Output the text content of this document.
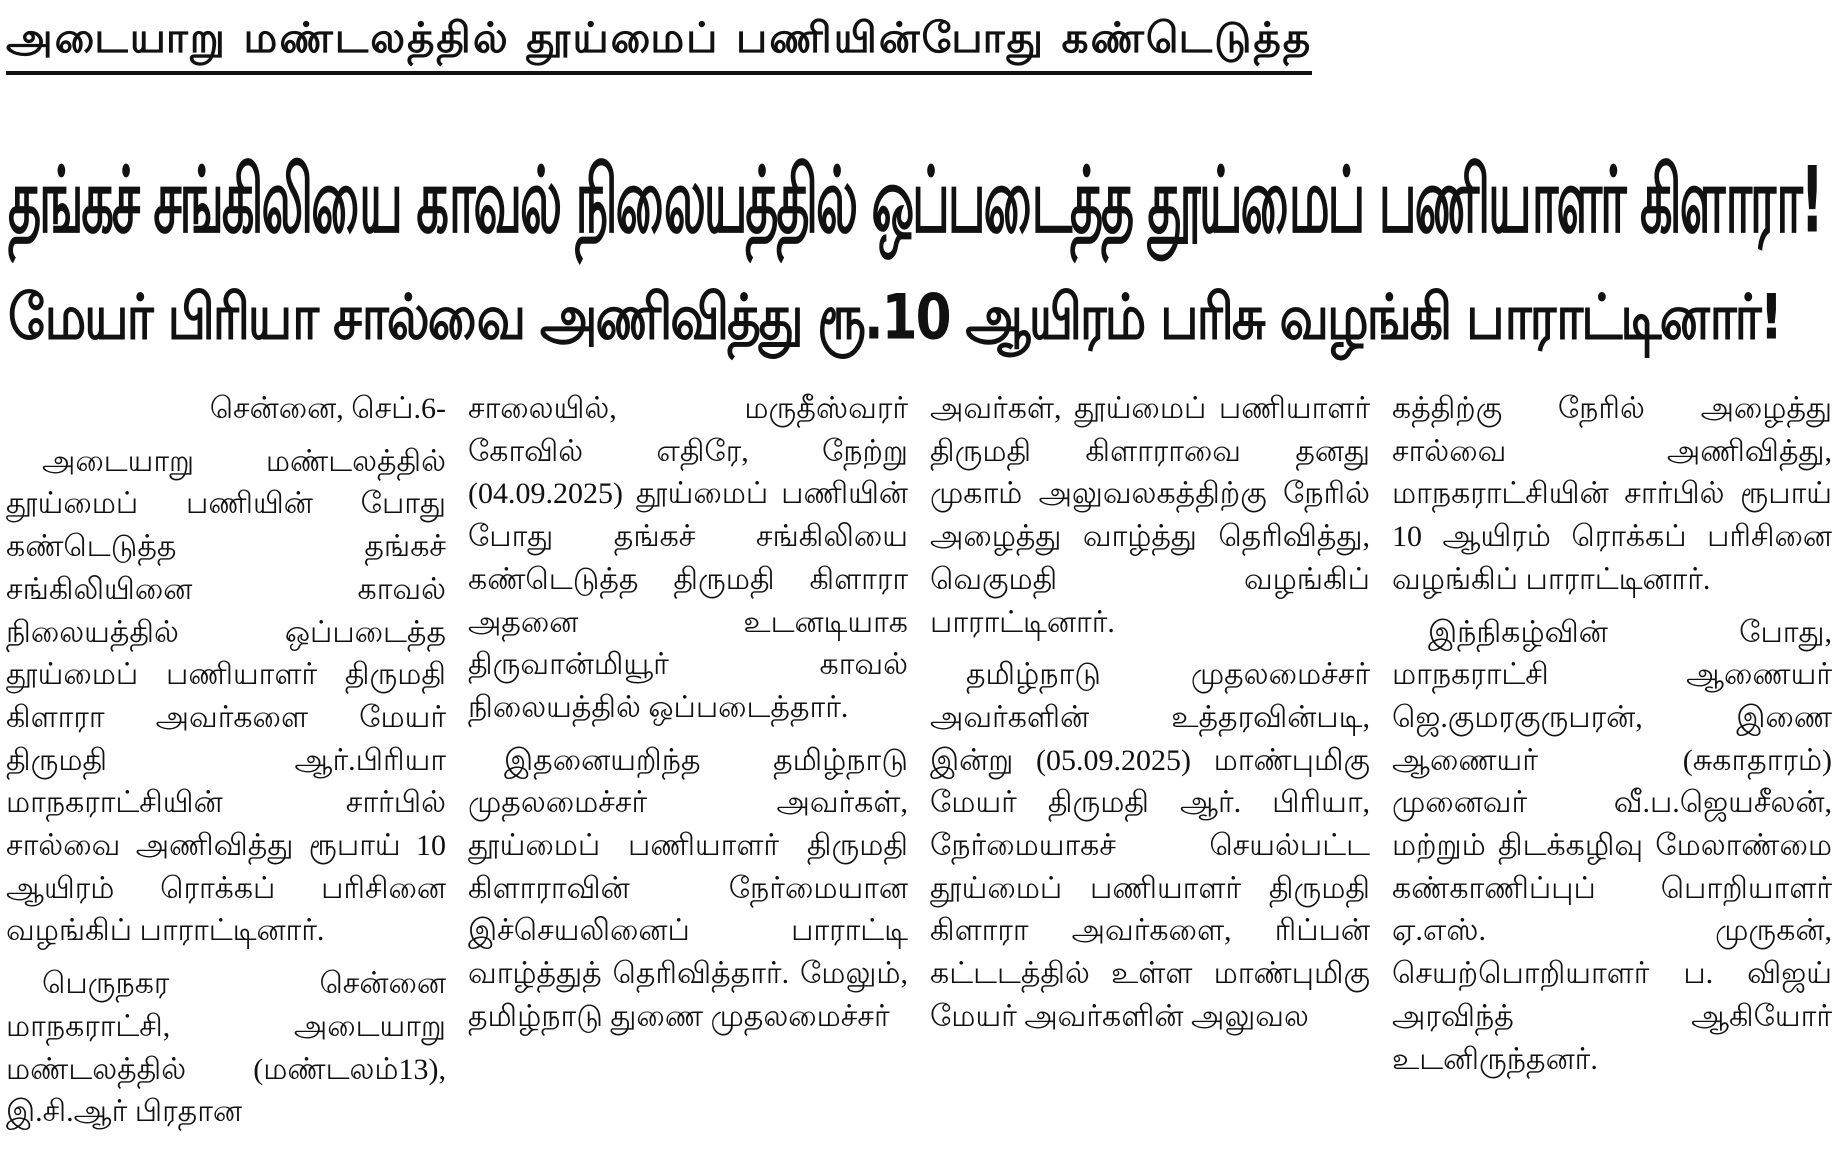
அடையாறு மண்டலத்தில் தூய்மைப் பணியின்போது கண்டெடுத்த
தங்கச் சங்கிலியை காவல் நிலையத்தில் ஒப்படைத்த தூய்மைப் பணியாளர் கிளாரா!
மேயர் பிரியா சால்வை அணிவித்து ரூ.10 ஆயிரம் பரிசு வழங்கி பாராட்டினார்!

சென்னை, செப்.6-

அடையாறு மண்டலத்தில் தூய்மைப் பணியின் போது கண்டெடுத்த தங்கச் சங்கிலியினை காவல் நிலையத்தில் ஒப்படைத்த தூய்மைப் பணியாளர் திருமதி கிளாரா அவர்களை மேயர் திருமதி ஆர்.பிரியா மாநகராட்சியின் சார்பில் சால்வை அணிவித்து ரூபாய் 10 ஆயிரம் ரொக்கப் பரிசினை வழங்கிப் பாராட்டினார்.

பெருநகர சென்னை மாநகராட்சி, அடையாறு மண்டலத்தில் (மண்டலம்13), இ.சி.ஆர் பிரதான

சாலையில், மருதீஸ்வரர் கோவில் எதிரே, நேற்று (04.09.2025) தூய்மைப் பணியின் போது தங்கச் சங்கிலியை கண்டெடுத்த திருமதி கிளாரா அதனை உடனடியாக திருவான்மியூர் காவல் நிலையத்தில் ஒப்படைத்தார்.

இதனையறிந்த தமிழ்நாடு முதலமைச்சர் அவர்கள், தூய்மைப் பணியாளர் திருமதி கிளாராவின் நேர்மையான இச்செயலினைப் பாராட்டி வாழ்த்துத் தெரிவித்தார். மேலும், தமிழ்நாடு துணை முதலமைச்சர்

அவர்கள், தூய்மைப் பணியாளர் திருமதி கிளாராவை தனது முகாம் அலுவலகத்திற்கு நேரில் அழைத்து வாழ்த்து தெரிவித்து, வெகுமதி வழங்கிப் பாராட்டினார்.

தமிழ்நாடு முதலமைச்சர் அவர்களின் உத்தரவின்படி, இன்று (05.09.2025) மாண்புமிகு மேயர் திருமதி ஆர். பிரியா, நேர்மையாகச் செயல்பட்ட தூய்மைப் பணியாளர் திருமதி கிளாரா அவர்களை, ரிப்பன் கட்டடத்தில் உள்ள மாண்புமிகு மேயர் அவர்களின் அலுவல

கத்திற்கு நேரில் அழைத்து சால்வை அணிவித்து, மாநகராட்சியின் சார்பில் ரூபாய் 10 ஆயிரம் ரொக்கப் பரிசினை வழங்கிப் பாராட்டினார்.

இந்நிகழ்வின் போது, மாநகராட்சி ஆணையர் ஜெ.குமரகுருபரன், இணை ஆணையர் (சுகாதாரம்) முனைவர் வீ.ப.ஜெயசீலன், மற்றும் திடக்கழிவு மேலாண்மை கண்காணிப்புப் பொறியாளர் ஏ.எஸ். முருகன், செயற்பொறியாளர் ப. விஜய் அரவிந்த் ஆகியோர் உடனிருந்தனர்.
